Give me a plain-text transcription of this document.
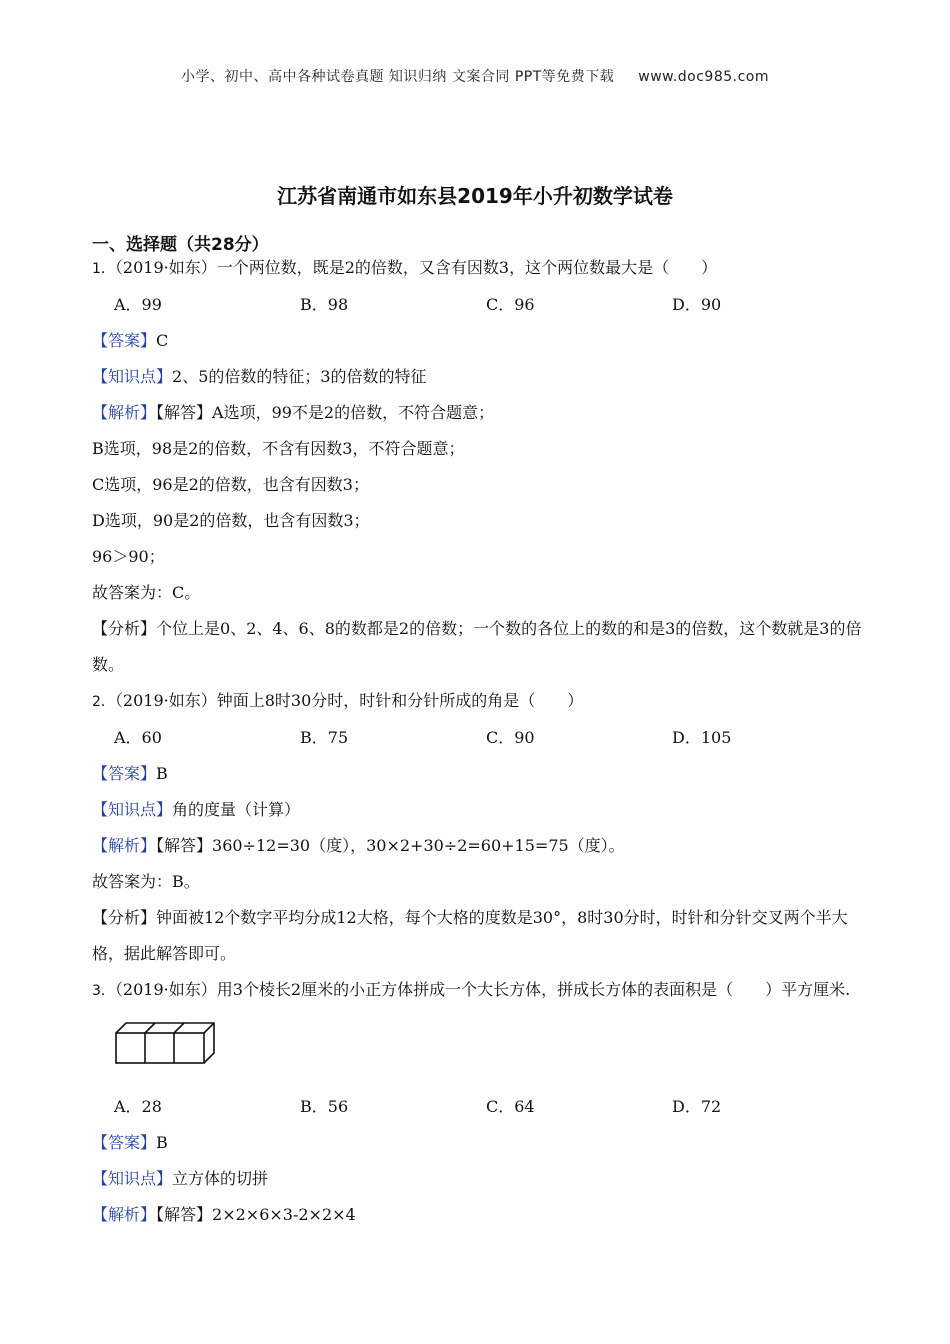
小学、初中、高中各种试卷真题 知识归纳 文案合同 PPT等免费下载 www.doc985.com
江苏省南通市如东县2019年小升初数学试卷
一、选择题（共28分）
1．（2019·如东）一个两位数，既是2的倍数，又含有因数3，这个两位数最大是（　　）
A．99	B．98	C．96	D．90
【答案】C
【知识点】2、5的倍数的特征；3的倍数的特征
【解析】【解答】A选项，99不是2的倍数，不符合题意；
B选项，98是2的倍数，不含有因数3，不符合题意；
C选项，96是2的倍数，也含有因数3；
D选项，90是2的倍数，也含有因数3；
96＞90；
故答案为：C。
【分析】个位上是0、2、4、6、8的数都是2的倍数；一个数的各位上的数的和是3的倍数，这个数就是3的倍数。
2．（2019·如东）钟面上8时30分时，时针和分针所成的角是（　　）
A．60	B．75	C．90	D．105
【答案】B
【知识点】角的度量（计算）
【解析】【解答】360÷12=30（度），30×2+30÷2=60+15=75（度）。
故答案为：B。
【分析】钟面被12个数字平均分成12大格，每个大格的度数是30°，8时30分时，时针和分针交叉两个半大格，据此解答即可。
3．（2019·如东）用3个棱长2厘米的小正方体拼成一个大长方体，拼成长方体的表面积是（　　）平方厘米.
A．28	B．56	C．64	D．72
【答案】B
【知识点】立方体的切拼
【解析】【解答】2×2×6×3-2×2×4
